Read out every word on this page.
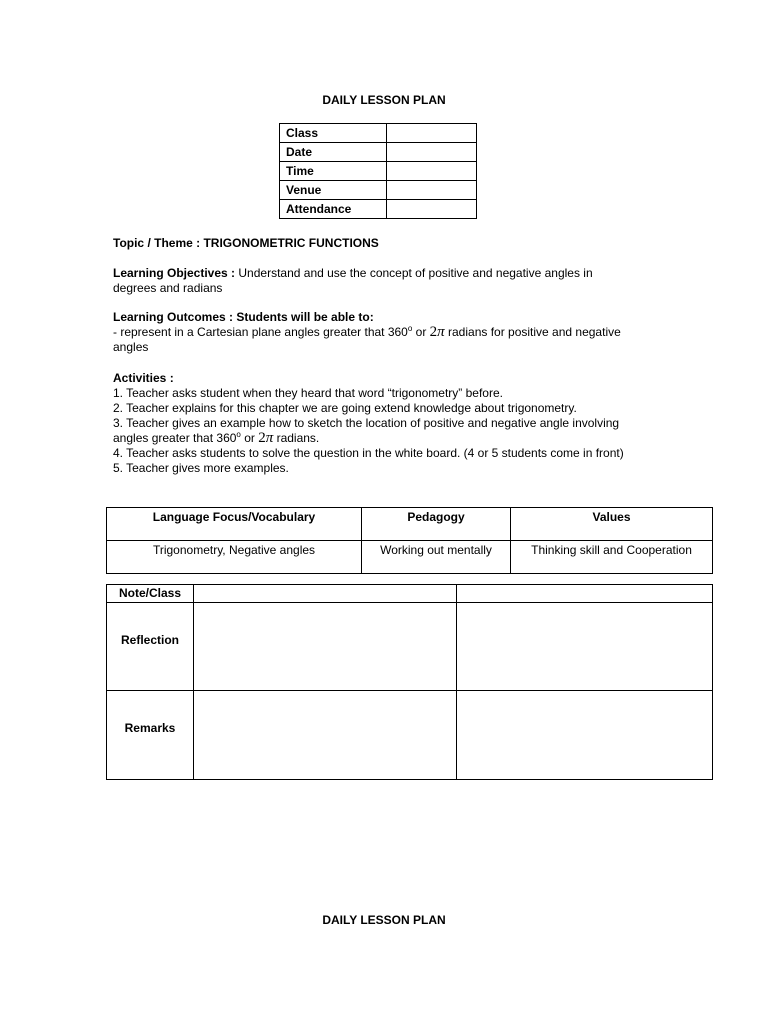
DAILY LESSON PLAN
Class	
Date	
Time	
Venue	
Attendance	
Topic / Theme : TRIGONOMETRIC FUNCTIONS
Learning Objectives : Understand and use the concept of positive and negative angles in
degrees and radians
Learning Outcomes : Students will be able to:
- represent in a Cartesian plane angles greater that 360$^o$ or 2π radians for positive and negative
angles
Activities :
1. Teacher asks student when they heard that word “trigonometry” before.
2. Teacher explains for this chapter we are going extend knowledge about trigonometry.
3. Teacher gives an example how to sketch the location of positive and negative angle involving
angles greater that 360$^o$ or 2π radians.
4. Teacher asks students to solve the question in the white board. (4 or 5 students come in front)
5. Teacher gives more examples.
Language Focus/Vocabulary	Pedagogy	Values
Trigonometry, Negative angles	Working out mentally	Thinking skill and Cooperation
Note/Class		
Reflection		
Remarks		
DAILY LESSON PLAN
